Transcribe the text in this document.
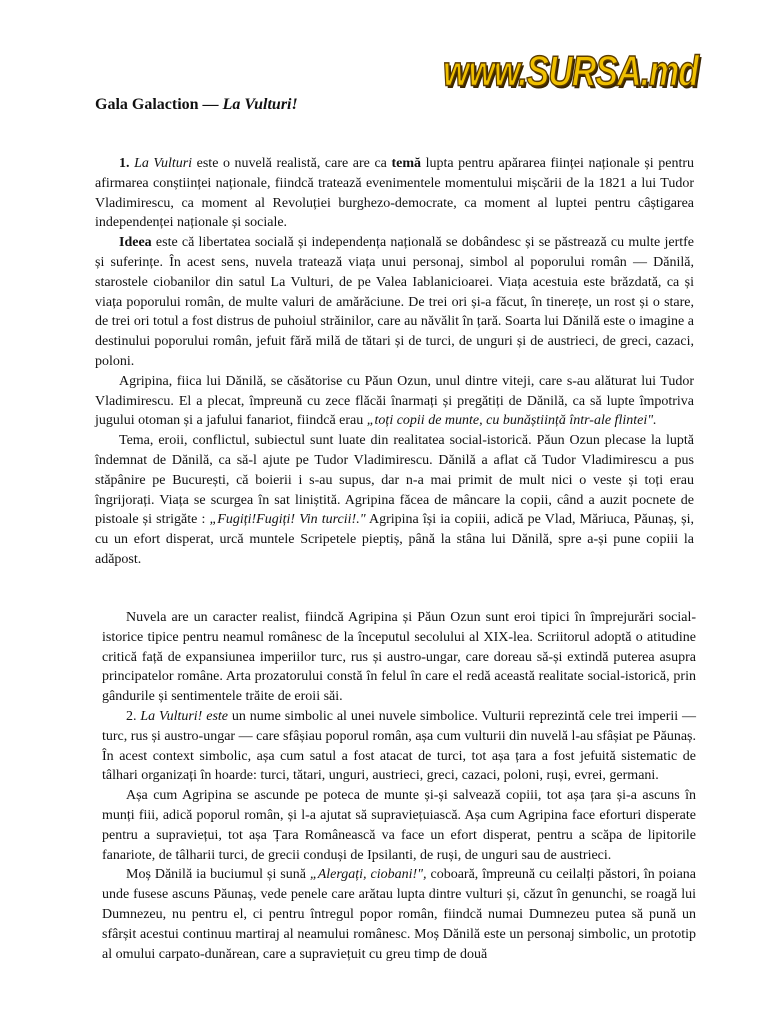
www.SURSA.md
Gala Galaction — La Vulturi!

1. La Vulturi este o nuvelă realistă, care are ca temă lupta pentru apărarea ființei naționale și pentru afirmarea conștiinței naționale, fiindcă tratează evenimentele momentului mișcării de la 1821 a lui Tudor Vladimirescu, ca moment al Revoluției burghezo-democrate, ca moment al luptei pentru câștigarea independenței naționale și sociale.

Ideea este că libertatea socială și independența națională se dobândesc și se păstrează cu multe jertfe și suferințe. În acest sens, nuvela tratează viața unui personaj, simbol al poporului român — Dănilă, starostele ciobanilor din satul La Vulturi, de pe Valea Iablanicioarei. Viața acestuia este brăzdată, ca și viața poporului român, de multe valuri de amărăciune. De trei ori și-a făcut, în tinerețe, un rost și o stare, de trei ori totul a fost distrus de puhoiul străinilor, care au năvălit în țară. Soarta lui Dănilă este o imagine a destinului poporului român, jefuit fără milă de tătari și de turci, de unguri și de austrieci, de greci, cazaci, poloni.

Agripina, fiica lui Dănilă, se căsătorise cu Păun Ozun, unul dintre viteji, care s-au alăturat lui Tudor Vladimirescu. El a plecat, împreună cu zece flăcăi înarmați și pregătiți de Dănilă, ca să lupte împotriva jugului otoman și a jafului fanariot, fiindcă erau „toți copii de munte, cu bunăștiință într-ale flintei".

Tema, eroii, conflictul, subiectul sunt luate din realitatea social-istorică. Păun Ozun plecase la luptă îndemnat de Dănilă, ca să-l ajute pe Tudor Vladimirescu. Dănilă a aflat că Tudor Vladimirescu a pus stăpânire pe București, că boierii i s-au supus, dar n-a mai primit de mult nici o veste și toți erau îngrijorați. Viața se scurgea în sat liniștită. Agripina făcea de mâncare la copii, când a auzit pocnete de pistoale și strigăte : „Fugiți!Fugiți! Vin turcii!." Agripina își ia copiii, adică pe Vlad, Măriuca, Păunaș, și, cu un efort disperat, urcă muntele Scripetele pieptiș, până la stâna lui Dănilă, spre a-și pune copiii la adăpost.

Nuvela are un caracter realist, fiindcă Agripina și Păun Ozun sunt eroi tipici în împrejurări social-istorice tipice pentru neamul românesc de la începutul secolului al XIX-lea. Scriitorul adoptă o atitudine critică față de expansiunea imperiilor turc, rus și austro-ungar, care doreau să-și extindă puterea asupra principatelor române. Arta prozatorului constă în felul în care el redă această realitate social-istorică, prin gândurile și sentimentele trăite de eroii săi.

2. La Vulturi! este un nume simbolic al unei nuvele simbolice. Vulturii reprezintă cele trei imperii — turc, rus și austro-ungar — care sfâșiau poporul român, așa cum vulturii din nuvelă l-au sfâșiat pe Păunaș. În acest context simbolic, așa cum satul a fost atacat de turci, tot așa țara a fost jefuită sistematic de tâlhari organizați în hoarde: turci, tătari, unguri, austrieci, greci, cazaci, poloni, ruși, evrei, germani.

Așa cum Agripina se ascunde pe poteca de munte și-și salvează copiii, tot așa țara și-a ascuns în munți fiii, adică poporul român, și l-a ajutat să supraviețuiască. Așa cum Agripina face eforturi disperate pentru a supraviețui, tot așa Țara Românească va face un efort disperat, pentru a scăpa de lipitorile fanariote, de tâlharii turci, de grecii conduși de Ipsilanti, de ruși, de unguri sau de austrieci.

Moș Dănilă ia buciumul și sună „Alergați, ciobani!", coboară, împreună cu ceilalți păstori, în poiana unde fusese ascuns Păunaș, vede penele care arătau lupta dintre vulturi și, căzut în genunchi, se roagă lui Dumnezeu, nu pentru el, ci pentru întregul popor român, fiindcă numai Dumnezeu putea să pună un sfârșit acestui continuu martiraj al neamului românesc. Moș Dănilă este un personaj simbolic, un prototip al omului carpato-dunărean, care a supraviețuit cu greu timp de două
